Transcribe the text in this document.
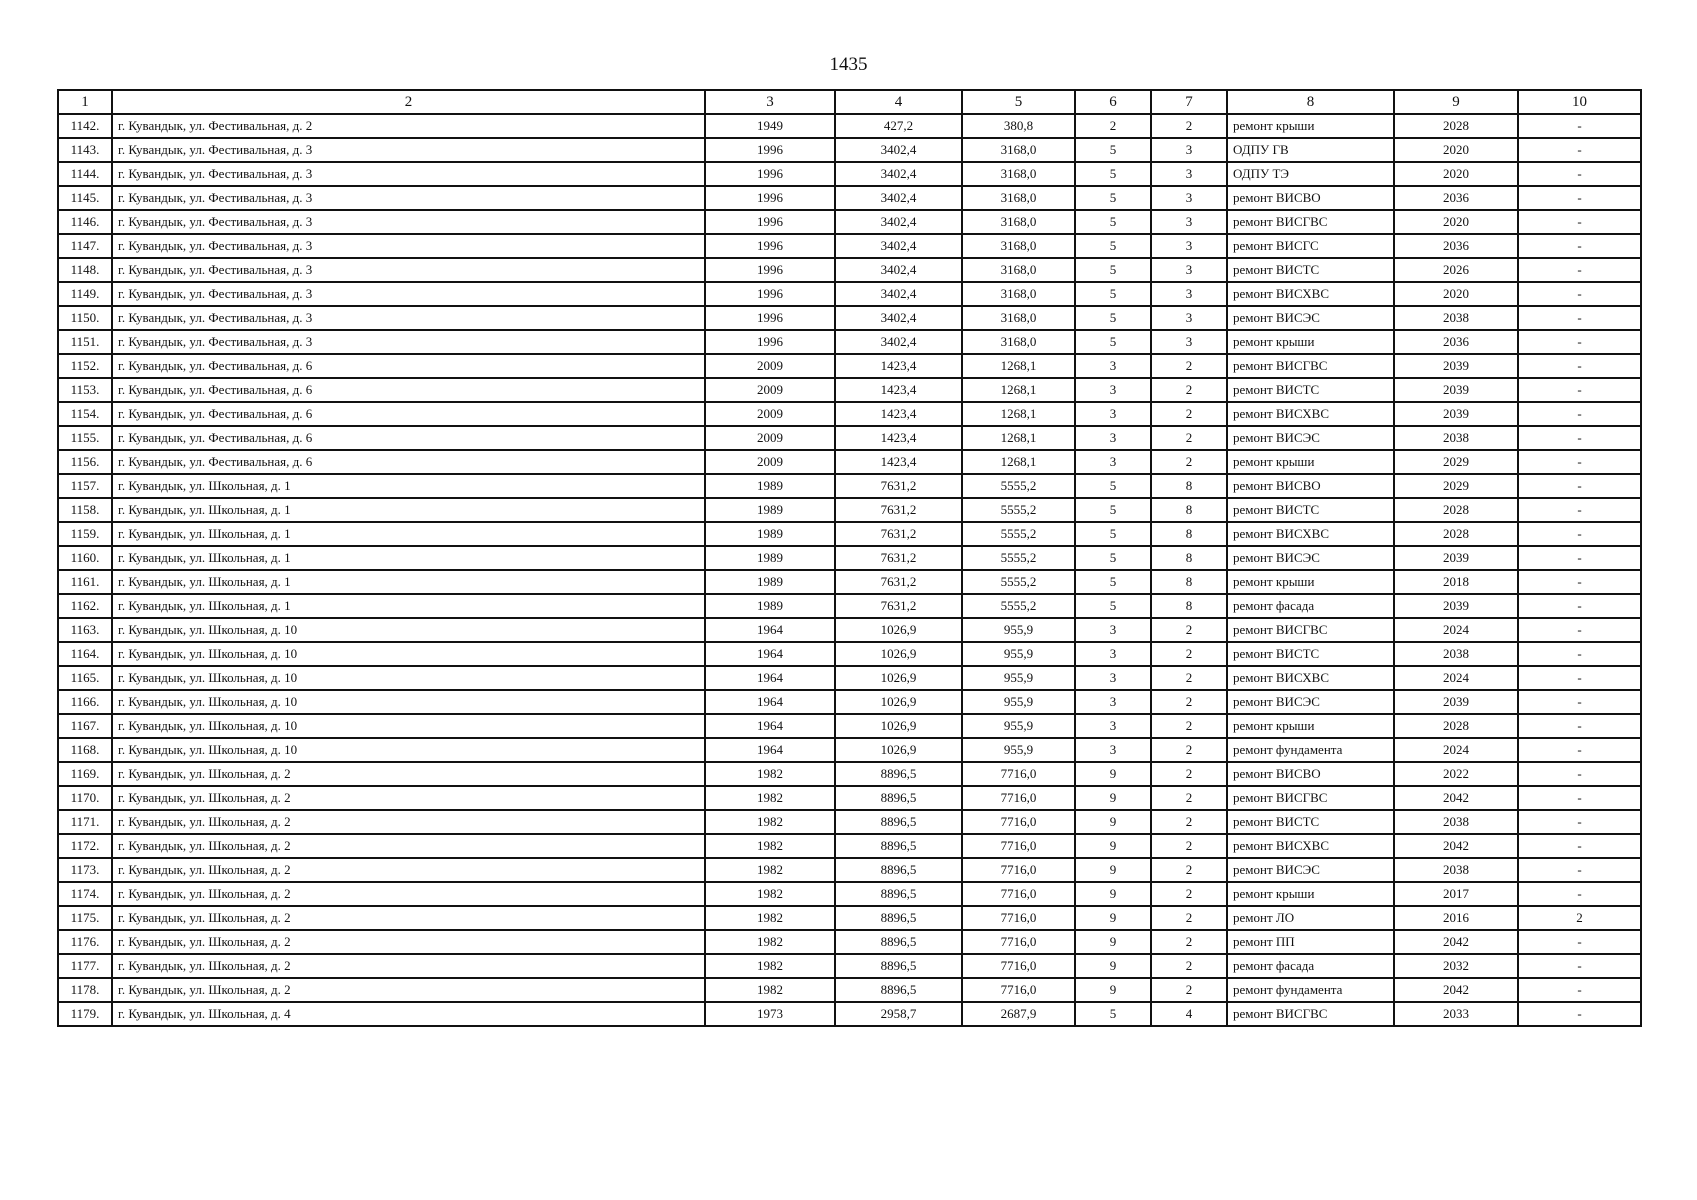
1435
1	2	3	4	5	6	7	8	9	10
1142.	г. Кувандык, ул. Фестивальная, д. 2	1949	427,2	380,8	2	2	ремонт крыши	2028	-
1143.	г. Кувандык, ул. Фестивальная, д. 3	1996	3402,4	3168,0	5	3	ОДПУ ГВ	2020	-
1144.	г. Кувандык, ул. Фестивальная, д. 3	1996	3402,4	3168,0	5	3	ОДПУ ТЭ	2020	-
1145.	г. Кувандык, ул. Фестивальная, д. 3	1996	3402,4	3168,0	5	3	ремонт ВИСВО	2036	-
1146.	г. Кувандык, ул. Фестивальная, д. 3	1996	3402,4	3168,0	5	3	ремонт ВИСГВС	2020	-
1147.	г. Кувандык, ул. Фестивальная, д. 3	1996	3402,4	3168,0	5	3	ремонт ВИСГС	2036	-
1148.	г. Кувандык, ул. Фестивальная, д. 3	1996	3402,4	3168,0	5	3	ремонт ВИСТС	2026	-
1149.	г. Кувандык, ул. Фестивальная, д. 3	1996	3402,4	3168,0	5	3	ремонт ВИСХВС	2020	-
1150.	г. Кувандык, ул. Фестивальная, д. 3	1996	3402,4	3168,0	5	3	ремонт ВИСЭС	2038	-
1151.	г. Кувандык, ул. Фестивальная, д. 3	1996	3402,4	3168,0	5	3	ремонт крыши	2036	-
1152.	г. Кувандык, ул. Фестивальная, д. 6	2009	1423,4	1268,1	3	2	ремонт ВИСГВС	2039	-
1153.	г. Кувандык, ул. Фестивальная, д. 6	2009	1423,4	1268,1	3	2	ремонт ВИСТС	2039	-
1154.	г. Кувандык, ул. Фестивальная, д. 6	2009	1423,4	1268,1	3	2	ремонт ВИСХВС	2039	-
1155.	г. Кувандык, ул. Фестивальная, д. 6	2009	1423,4	1268,1	3	2	ремонт ВИСЭС	2038	-
1156.	г. Кувандык, ул. Фестивальная, д. 6	2009	1423,4	1268,1	3	2	ремонт крыши	2029	-
1157.	г. Кувандык, ул. Школьная, д. 1	1989	7631,2	5555,2	5	8	ремонт ВИСВО	2029	-
1158.	г. Кувандык, ул. Школьная, д. 1	1989	7631,2	5555,2	5	8	ремонт ВИСТС	2028	-
1159.	г. Кувандык, ул. Школьная, д. 1	1989	7631,2	5555,2	5	8	ремонт ВИСХВС	2028	-
1160.	г. Кувандык, ул. Школьная, д. 1	1989	7631,2	5555,2	5	8	ремонт ВИСЭС	2039	-
1161.	г. Кувандык, ул. Школьная, д. 1	1989	7631,2	5555,2	5	8	ремонт крыши	2018	-
1162.	г. Кувандык, ул. Школьная, д. 1	1989	7631,2	5555,2	5	8	ремонт фасада	2039	-
1163.	г. Кувандык, ул. Школьная, д. 10	1964	1026,9	955,9	3	2	ремонт ВИСГВС	2024	-
1164.	г. Кувандык, ул. Школьная, д. 10	1964	1026,9	955,9	3	2	ремонт ВИСТС	2038	-
1165.	г. Кувандык, ул. Школьная, д. 10	1964	1026,9	955,9	3	2	ремонт ВИСХВС	2024	-
1166.	г. Кувандык, ул. Школьная, д. 10	1964	1026,9	955,9	3	2	ремонт ВИСЭС	2039	-
1167.	г. Кувандык, ул. Школьная, д. 10	1964	1026,9	955,9	3	2	ремонт крыши	2028	-
1168.	г. Кувандык, ул. Школьная, д. 10	1964	1026,9	955,9	3	2	ремонт фундамента	2024	-
1169.	г. Кувандык, ул. Школьная, д. 2	1982	8896,5	7716,0	9	2	ремонт ВИСВО	2022	-
1170.	г. Кувандык, ул. Школьная, д. 2	1982	8896,5	7716,0	9	2	ремонт ВИСГВС	2042	-
1171.	г. Кувандык, ул. Школьная, д. 2	1982	8896,5	7716,0	9	2	ремонт ВИСТС	2038	-
1172.	г. Кувандык, ул. Школьная, д. 2	1982	8896,5	7716,0	9	2	ремонт ВИСХВС	2042	-
1173.	г. Кувандык, ул. Школьная, д. 2	1982	8896,5	7716,0	9	2	ремонт ВИСЭС	2038	-
1174.	г. Кувандык, ул. Школьная, д. 2	1982	8896,5	7716,0	9	2	ремонт крыши	2017	-
1175.	г. Кувандык, ул. Школьная, д. 2	1982	8896,5	7716,0	9	2	ремонт ЛО	2016	2
1176.	г. Кувандык, ул. Школьная, д. 2	1982	8896,5	7716,0	9	2	ремонт ПП	2042	-
1177.	г. Кувандык, ул. Школьная, д. 2	1982	8896,5	7716,0	9	2	ремонт фасада	2032	-
1178.	г. Кувандык, ул. Школьная, д. 2	1982	8896,5	7716,0	9	2	ремонт фундамента	2042	-
1179.	г. Кувандык, ул. Школьная, д. 4	1973	2958,7	2687,9	5	4	ремонт ВИСГВС	2033	-
